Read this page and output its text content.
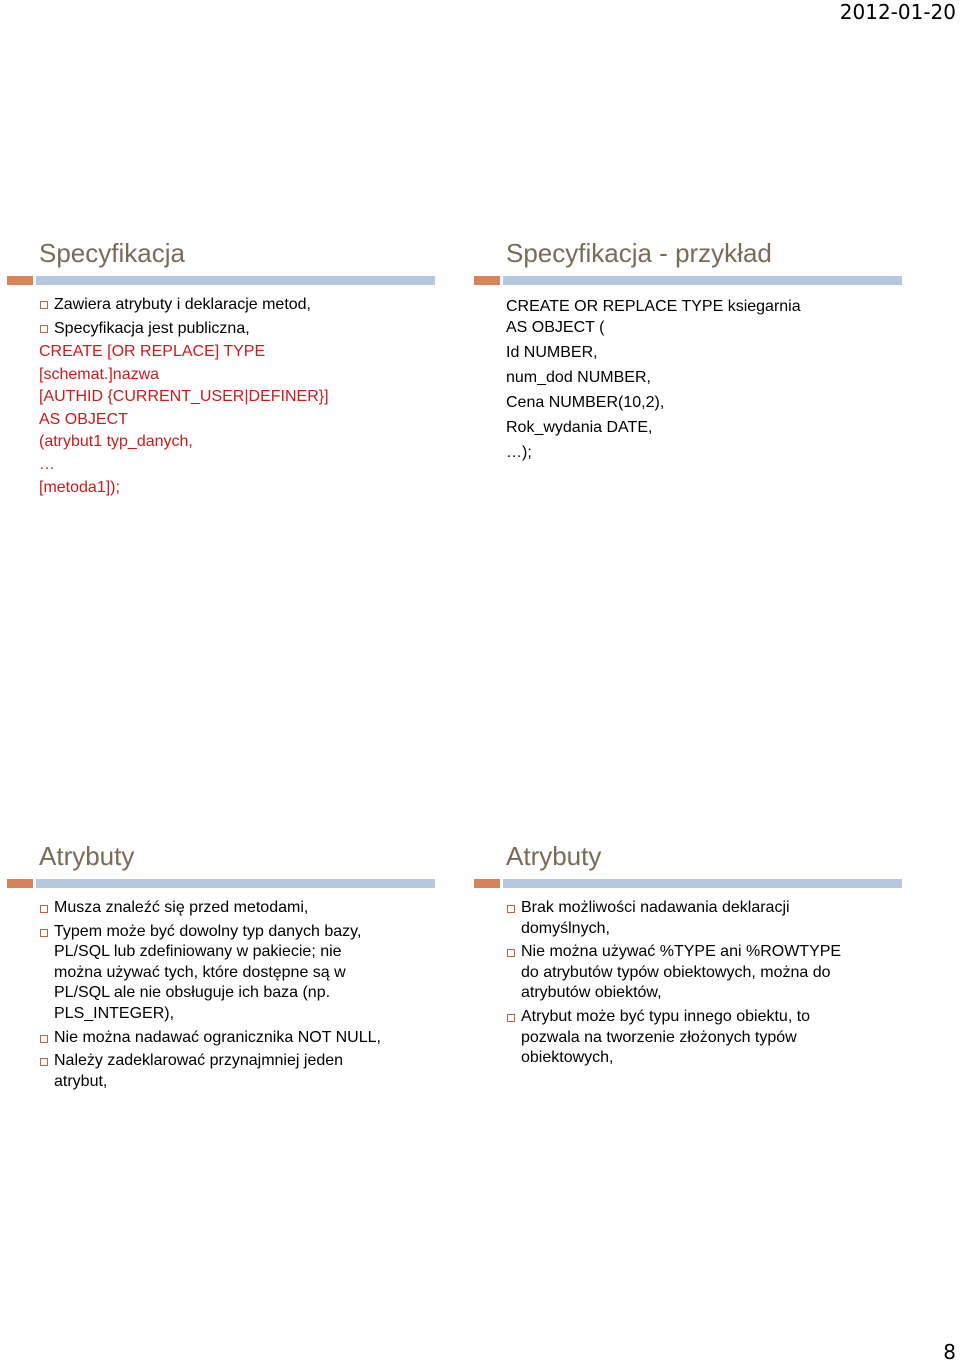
2012-01-20
Specyfikacja
Zawiera atrybuty i deklaracje metod,
Specyfikacja jest publiczna,
CREATE [OR REPLACE] TYPE
[schemat.]nazwa
[AUTHID {CURRENT_USER|DEFINER}]
AS OBJECT
(atrybut1 typ_danych,
…
[metoda1]);
Specyfikacja - przykład
CREATE OR REPLACE TYPE ksiegarnia
AS OBJECT (
Id NUMBER,
num_dod NUMBER,
Cena NUMBER(10,2),
Rok_wydania DATE,
…);
Atrybuty
Musza znaleźć się przed metodami,
Typem może być dowolny typ danych bazy,
PL/SQL lub zdefiniowany w pakiecie; nie
można używać tych, które dostępne są w
PL/SQL ale nie obsługuje ich baza (np.
PLS_INTEGER),
Nie można nadawać ogranicznika NOT NULL,
Należy zadeklarować przynajmniej jeden
atrybut,
Atrybuty
Brak możliwości nadawania deklaracji
domyślnych,
Nie można używać %TYPE ani %ROWTYPE
do atrybutów typów obiektowych, można do
atrybutów obiektów,
Atrybut może być typu innego obiektu, to
pozwala na tworzenie złożonych typów
obiektowych,
8
